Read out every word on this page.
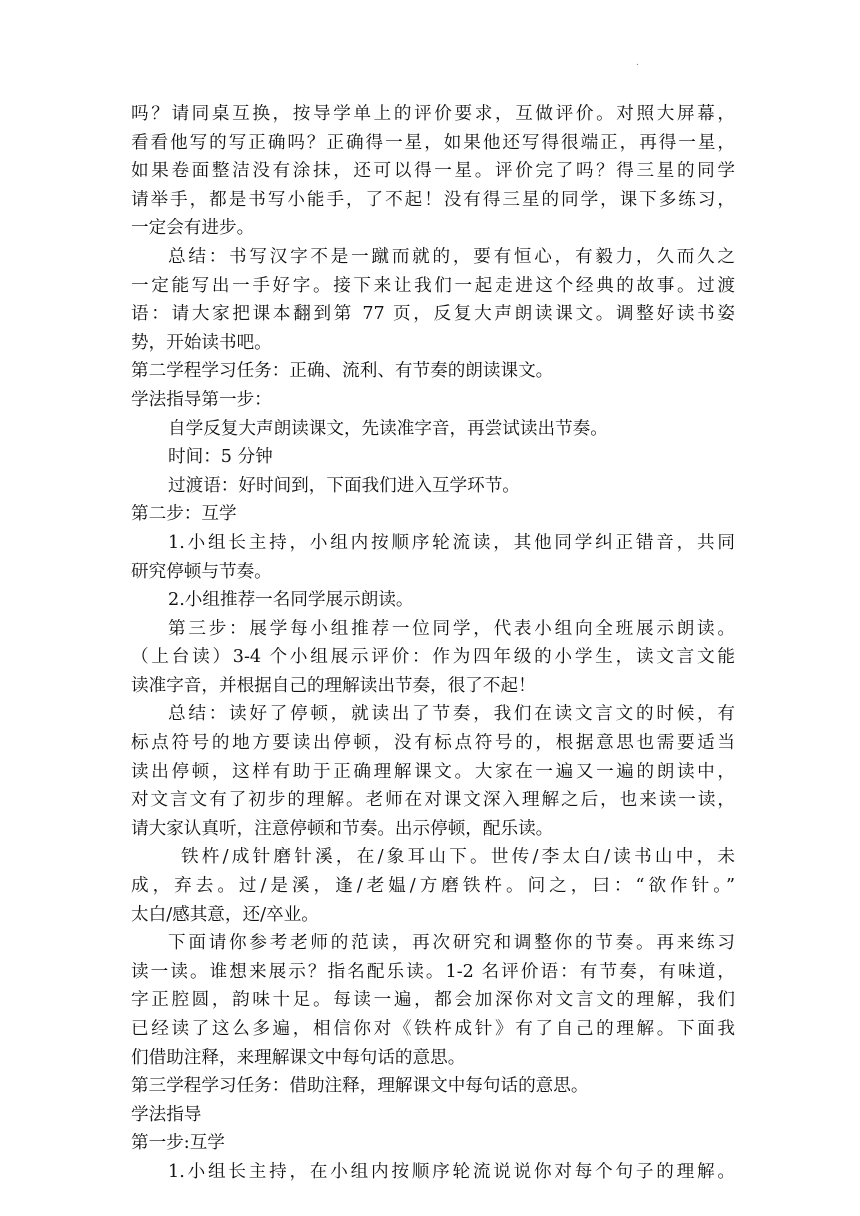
.
吗？请同桌互换，按导学单上的评价要求，互做评价。对照大屏幕，
看看他写的写正确吗？正确得一星，如果他还写得很端正，再得一星，
如果卷面整洁没有涂抹，还可以得一星。评价完了吗？得三星的同学
请举手，都是书写小能手，了不起！没有得三星的同学，课下多练习，
一定会有进步。
总结：书写汉字不是一蹴而就的，要有恒心，有毅力，久而久之
一定能写出一手好字。接下来让我们一起走进这个经典的故事。过渡
语：请大家把课本翻到第 77 页，反复大声朗读课文。调整好读书姿
势，开始读书吧。
第二学程学习任务：正确、流利、有节奏的朗读课文。
学法指导第一步：
自学反复大声朗读课文，先读准字音，再尝试读出节奏。
时间：5 分钟
过渡语：好时间到，下面我们进入互学环节。
第二步：互学
1.小组长主持，小组内按顺序轮流读，其他同学纠正错音，共同
研究停顿与节奏。
2.小组推荐一名同学展示朗读。
第三步：展学每小组推荐一位同学，代表小组向全班展示朗读。
（上台读）3-4 个小组展示评价：作为四年级的小学生，读文言文能
读准字音，并根据自己的理解读出节奏，很了不起！
总结：读好了停顿，就读出了节奏，我们在读文言文的时候，有
标点符号的地方要读出停顿，没有标点符号的，根据意思也需要适当
读出停顿，这样有助于正确理解课文。大家在一遍又一遍的朗读中，
对文言文有了初步的理解。老师在对课文深入理解之后，也来读一读，
请大家认真听，注意停顿和节奏。出示停顿，配乐读。
铁杵/成针磨针溪，在/象耳山下。世传/李太白/读书山中，未
成，弃去。过/是溪，逢/老媪/方磨铁杵。问之，曰：“欲作针。”
太白/感其意，还/卒业。
下面请你参考老师的范读，再次研究和调整你的节奏。再来练习
读一读。谁想来展示？指名配乐读。1-2 名评价语：有节奏，有味道，
字正腔圆，韵味十足。每读一遍，都会加深你对文言文的理解，我们
已经读了这么多遍，相信你对《铁杵成针》有了自己的理解。下面我
们借助注释，来理解课文中每句话的意思。
第三学程学习任务：借助注释，理解课文中每句话的意思。
学法指导
第一步:互学
1.小组长主持，在小组内按顺序轮流说说你对每个句子的理解。
